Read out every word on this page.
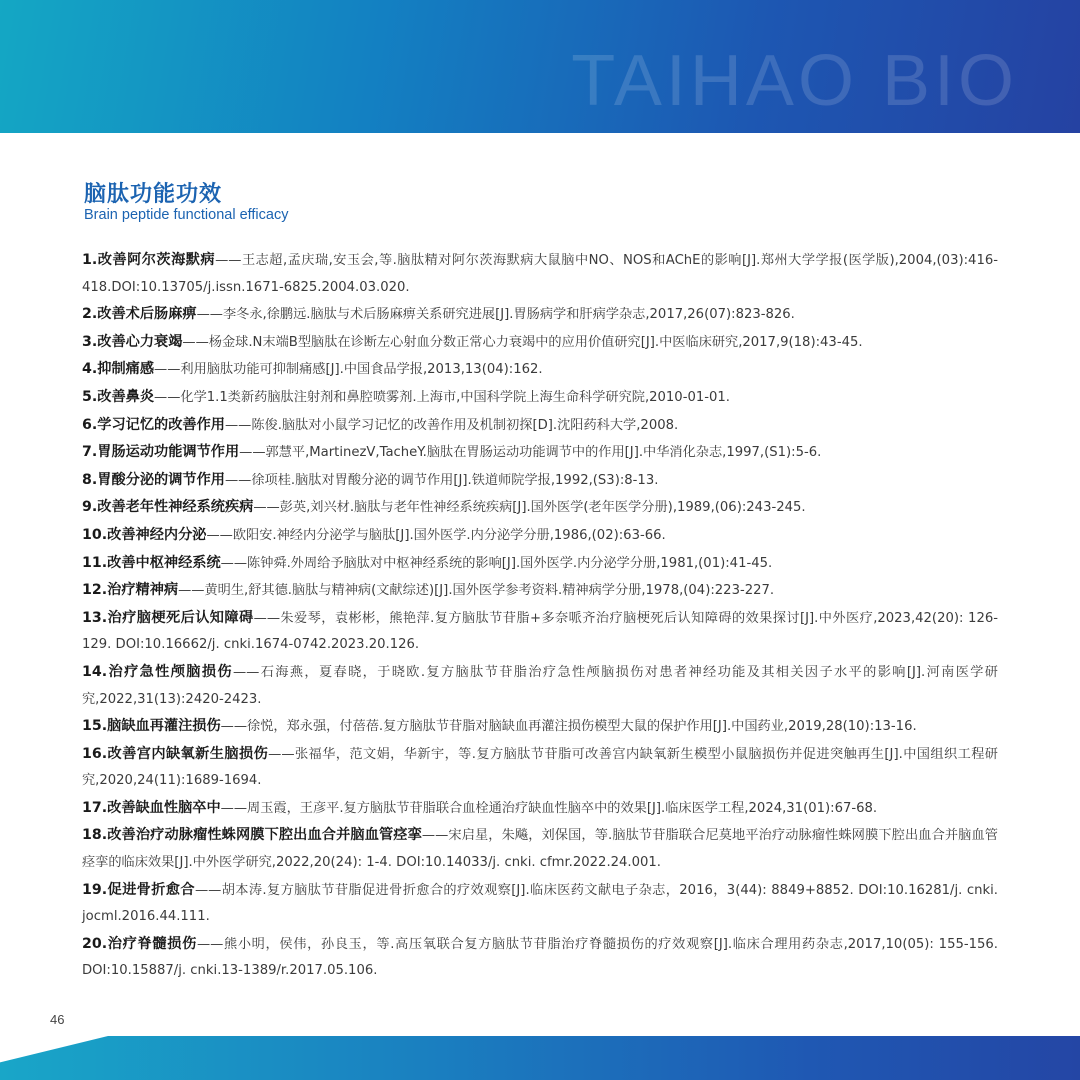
TAIHAO BIO
脑肽功能功效
Brain peptide functional efficacy
1.改善阿尔茨海默病——王志超,孟庆瑞,安玉会,等.脑肽精对阿尔茨海默病大鼠脑中NO、NOS和AChE的影响[J].郑州大学学报(医学版),2004,(03):416-418.DOI:10.13705/j.issn.1671-6825.2004.03.020.
2.改善术后肠麻痹——李冬永,徐鹏远.脑肽与术后肠麻痹关系研究进展[J].胃肠病学和肝病学杂志,2017,26(07):823-826.
3.改善心力衰竭——杨金球.N末端B型脑肽在诊断左心射血分数正常心力衰竭中的应用价值研究[J].中医临床研究,2017,9(18):43-45.
4.抑制痛感——利用脑肽功能可抑制痛感[J].中国食品学报,2013,13(04):162.
5.改善鼻炎——化学1.1类新药脑肽注射剂和鼻腔喷雾剂.上海市,中国科学院上海生命科学研究院,2010-01-01.
6.学习记忆的改善作用——陈俊.脑肽对小鼠学习记忆的改善作用及机制初探[D].沈阳药科大学,2008.
7.胃肠运动功能调节作用——郭慧平,MartinezV,TacheY.脑肽在胃肠运动功能调节中的作用[J].中华消化杂志,1997,(S1):5-6.
8.胃酸分泌的调节作用——徐项桂.脑肽对胃酸分泌的调节作用[J].铁道师院学报,1992,(S3):8-13.
9.改善老年性神经系统疾病——彭英,刘兴材.脑肽与老年性神经系统疾病[J].国外医学(老年医学分册),1989,(06):243-245.
10.改善神经内分泌——欧阳安.神经内分泌学与脑肽[J].国外医学.内分泌学分册,1986,(02):63-66.
11.改善中枢神经系统——陈钟舜.外周给予脑肽对中枢神经系统的影响[J].国外医学.内分泌学分册,1981,(01):41-45.
12.治疗精神病——黄明生,舒其德.脑肽与精神病(文献综述)[J].国外医学参考资料.精神病学分册,1978,(04):223-227.
13.治疗脑梗死后认知障碍——朱爱琴，袁彬彬，熊艳萍.复方脑肽节苷脂+多奈哌齐治疗脑梗死后认知障碍的效果探讨[J].中外医疗,2023,42(20): 126-129. DOI:10.16662/j. cnki.1674-0742.2023.20.126.
14.治疗急性颅脑损伤——石海燕，夏春晓，于晓欧.复方脑肽节苷脂治疗急性颅脑损伤对患者神经功能及其相关因子水平的影响[J].河南医学研究,2022,31(13):2420-2423.
15.脑缺血再灌注损伤——徐悦，郑永强，付蓓蓓.复方脑肽节苷脂对脑缺血再灌注损伤模型大鼠的保护作用[J].中国药业,2019,28(10):13-16.
16.改善宫内缺氧新生脑损伤——张福华，范文娟，华新宇，等.复方脑肽节苷脂可改善宫内缺氧新生模型小鼠脑损伤并促进突触再生[J].中国组织工程研究,2020,24(11):1689-1694.
17.改善缺血性脑卒中——周玉霞，王彦平.复方脑肽节苷脂联合血栓通治疗缺血性脑卒中的效果[J].临床医学工程,2024,31(01):67-68.
18.改善治疗动脉瘤性蛛网膜下腔出血合并脑血管痉挛——宋启星，朱飚，刘保国，等.脑肽节苷脂联合尼莫地平治疗动脉瘤性蛛网膜下腔出血合并脑血管痉挛的临床效果[J].中外医学研究,2022,20(24): 1-4. DOI:10.14033/j. cnki. cfmr.2022.24.001.
19.促进骨折愈合——胡本涛.复方脑肽节苷脂促进骨折愈合的疗效观察[J].临床医药文献电子杂志，2016，3(44): 8849+8852. DOI:10.16281/j. cnki. jocml.2016.44.111.
20.治疗脊髓损伤——熊小明，侯伟，孙良玉，等.高压氧联合复方脑肽节苷脂治疗脊髓损伤的疗效观察[J].临床合理用药杂志,2017,10(05): 155-156. DOI:10.15887/j. cnki.13-1389/r.2017.05.106.
46
